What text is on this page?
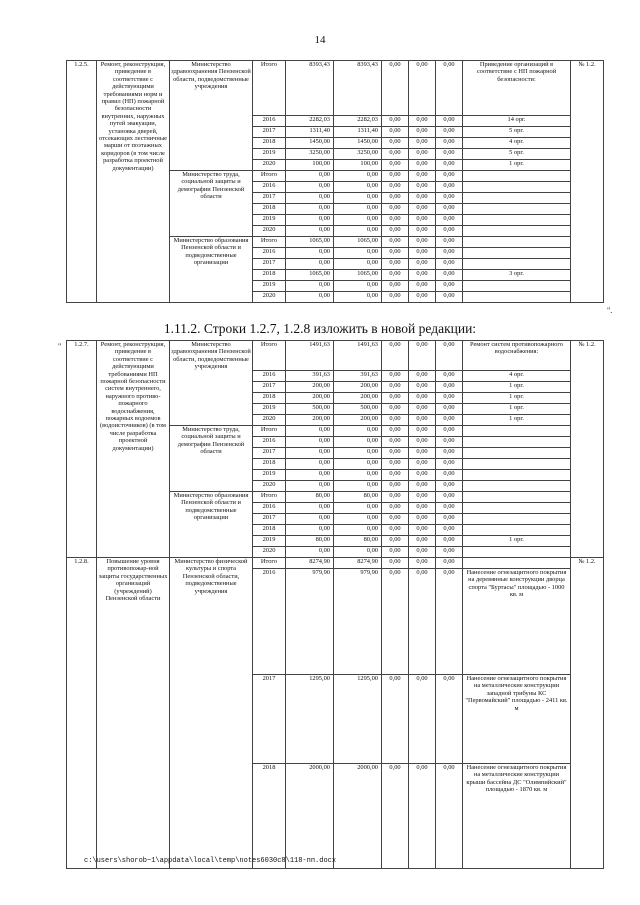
14
1.2.5.	Ремонт, реконструкция, приведение в соответствие с действующими требованиями норм и правил (НП) пожарной безопасности внутренних, наружных путей эвакуации, установка дверей, отсекающих лестничные марши от поэтажных коридоров (в том числе разработка проектной документации)	Министерство здравоохранения Пензенской области, подведомственные учреждения	Итого	8393,43	8393,43	0,00	0,00	0,00	Приведение организаций в соответствие с НП пожарной безопасности:	№ 1.2.
			2016	2282,03	2282,03	0,00	0,00	0,00	14 орг.	
			2017	1311,40	1311,40	0,00	0,00	0,00	5 орг.	
			2018	1450,00	1450,00	0,00	0,00	0,00	4 орг.	
			2019	3250,00	3250,00	0,00	0,00	0,00	5 орг.	
			2020	100,00	100,00	0,00	0,00	0,00	1 орг.	
		Министерство труда, социальной защиты и демографии Пензенской области	Итого	0,00	0,00	0,00	0,00	0,00		
			2016	0,00	0,00	0,00	0,00	0,00		
			2017	0,00	0,00	0,00	0,00	0,00		
			2018	0,00	0,00	0,00	0,00	0,00		
			2019	0,00	0,00	0,00	0,00	0,00		
			2020	0,00	0,00	0,00	0,00	0,00		
		Министерство образования Пензенской области и подведомственные организации	Итого	1065,00	1065,00	0,00	0,00	0,00		
			2016	0,00	0,00	0,00	0,00	0,00		
			2017	0,00	0,00	0,00	0,00	0,00		
			2018	1065,00	1065,00	0,00	0,00	0,00	3 орг.	
			2019	0,00	0,00	0,00	0,00	0,00		
			2020	0,00	0,00	0,00	0,00	0,00		
".
1.11.2. Строки 1.2.7, 1.2.8 изложить в новой редакции:
" 1.2.7.	Ремонт, реконструкция, приведение в соответствие с действующими требованиями НП пожарной безопасности систем внутреннего, наружного противо-пожарного водоснабжения, пожарных водоемов (водоисточников) (в том числе разработка проектной документации)	Министерство здравоохранения Пензенской области, подведомственные учреждения	Итого	1491,63	1491,63	0,00	0,00	0,00	Ремонт систем противопожарного водоснабжения:	№ 1.2.
			2016	391,63	391,63	0,00	0,00	0,00	4 орг.	
			2017	200,00	200,00	0,00	0,00	0,00	1 орг.	
			2018	200,00	200,00	0,00	0,00	0,00	1 орг.	
			2019	500,00	500,00	0,00	0,00	0,00	1 орг.	
			2020	200,00	200,00	0,00	0,00	0,00	1 орг.	
		Министерство труда, социальной защиты и демографии Пензенской области	Итого	0,00	0,00	0,00	0,00	0,00		
			2016	0,00	0,00	0,00	0,00	0,00		
			2017	0,00	0,00	0,00	0,00	0,00		
			2018	0,00	0,00	0,00	0,00	0,00		
			2019	0,00	0,00	0,00	0,00	0,00		
			2020	0,00	0,00	0,00	0,00	0,00		
		Министерство образования Пензенской области и подведомственные организации	Итого	80,00	80,00	0,00	0,00	0,00		
			2016	0,00	0,00	0,00	0,00	0,00		
			2017	0,00	0,00	0,00	0,00	0,00		
			2018	0,00	0,00	0,00	0,00	0,00		
			2019	80,00	80,00	0,00	0,00	0,00	1 орг.	
			2020	0,00	0,00	0,00	0,00	0,00		
1.2.8.	Повышение уровня противопожар-ной защиты государственных организаций (учреждений) Пензенской области	Министерство физической культуры и спорта Пензенской области, подведомственные учреждения	Итого	8274,90	8274,90	0,00	0,00	0,00		№ 1.2.
			2016	979,90	979,90	0,00	0,00	0,00	Нанесение огнезащитного покрытия на деревянные конструкции дворца спорта "Буртасы" площадью - 1000 кв. м	
			2017	1295,00	1295,00	0,00	0,00	0,00	Нанесение огнезащитного покрытия на металлические конструкции западной трибуны КС "Первомайский" площадью - 2411 кв. м	
			2018	2000,00	2000,00	0,00	0,00	0,00	Нанесение огнезащитного покрытия на металлические конструкции крыши бассейна ДС "Олимпийский" площадью - 1870 кв. м	
c:\users\shorob~1\appdata\local\temp\notes6030c8\118-пп.docx
